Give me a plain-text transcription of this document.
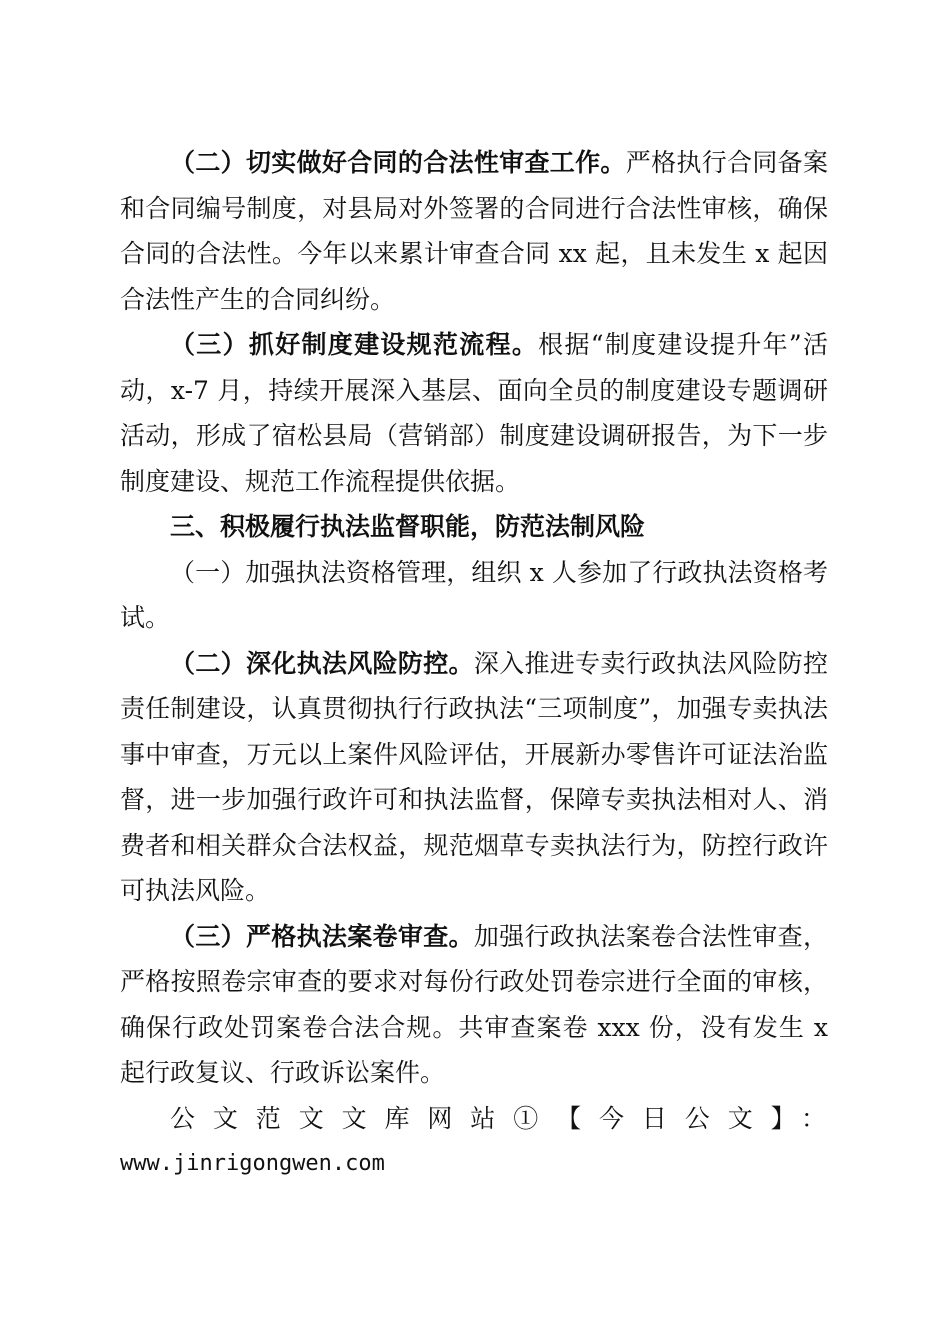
（二）切实做好合同的合法性审查工作。严格执行合同备案和合同编号制度，对县局对外签署的合同进行合法性审核，确保合同的合法性。今年以来累计审查合同 xx 起，且未发生 x 起因合法性产生的合同纠纷。

（三）抓好制度建设规范流程。根据“制度建设提升年”活动，x-7 月，持续开展深入基层、面向全员的制度建设专题调研活动，形成了宿松县局（营销部）制度建设调研报告，为下一步制度建设、规范工作流程提供依据。

三、积极履行执法监督职能，防范法制风险

（一）加强执法资格管理，组织 x 人参加了行政执法资格考试。

（二）深化执法风险防控。深入推进专卖行政执法风险防控责任制建设，认真贯彻执行行政执法“三项制度”，加强专卖执法事中审查，万元以上案件风险评估，开展新办零售许可证法治监督，进一步加强行政许可和执法监督，保障专卖执法相对人、消费者和相关群众合法权益，规范烟草专卖执法行为，防控行政许可执法风险。

（三）严格执法案卷审查。加强行政执法案卷合法性审查，严格按照卷宗审查的要求对每份行政处罚卷宗进行全面的审核，确保行政处罚案卷合法合规。共审查案卷 xxx 份，没有发生 x 起行政复议、行政诉讼案件。

公文范文文库网站①【今日公文】：

www.jinrigongwen.com
